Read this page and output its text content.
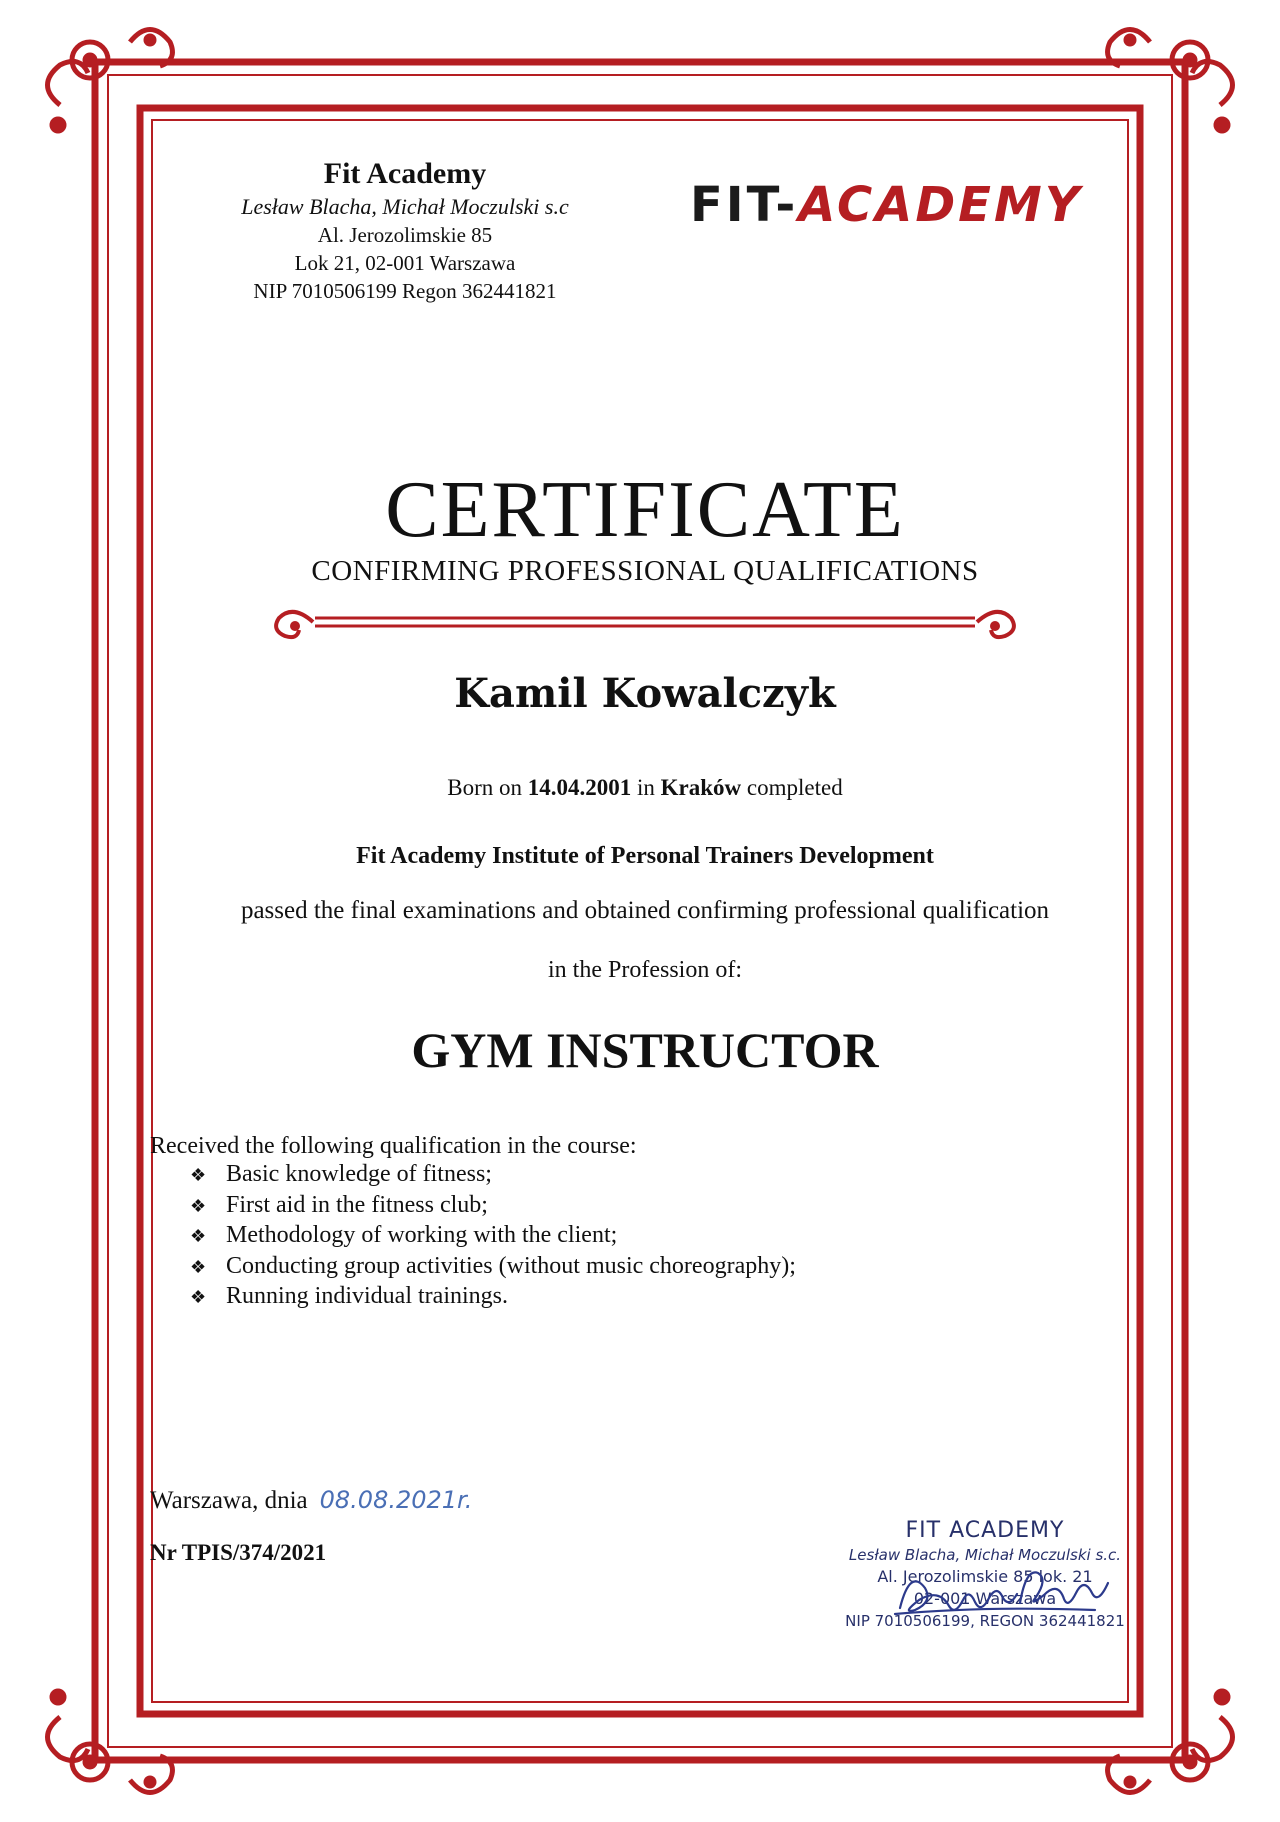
Fit Academy
Lesław Blacha, Michał Moczulski s.c
Al. Jerozolimskie 85
Lok 21, 02-001 Warszawa
NIP 7010506199 Regon 362441821
FIT-ACADEMY
CERTIFICATE
CONFIRMING PROFESSIONAL QUALIFICATIONS
Kamil Kowalczyk
Born on 14.04.2001 in Kraków completed
Fit Academy Institute of Personal Trainers Development
passed the final examinations and obtained confirming professional qualification
in the Profession of:
GYM INSTRUCTOR
Received the following qualification in the course:
❖ Basic knowledge of fitness;
❖ First aid in the fitness club;
❖ Methodology of working with the client;
❖ Conducting group activities (without music choreography);
❖ Running individual trainings.
Warszawa, dnia 08.08.2021r.
Nr TPIS/374/2021
FIT ACADEMY
Lesław Blacha, Michał Moczulski s.c.
Al. Jerozolimskie 85 lok. 21
02-001 Warszawa
NIP 7010506199, REGON 362441821
